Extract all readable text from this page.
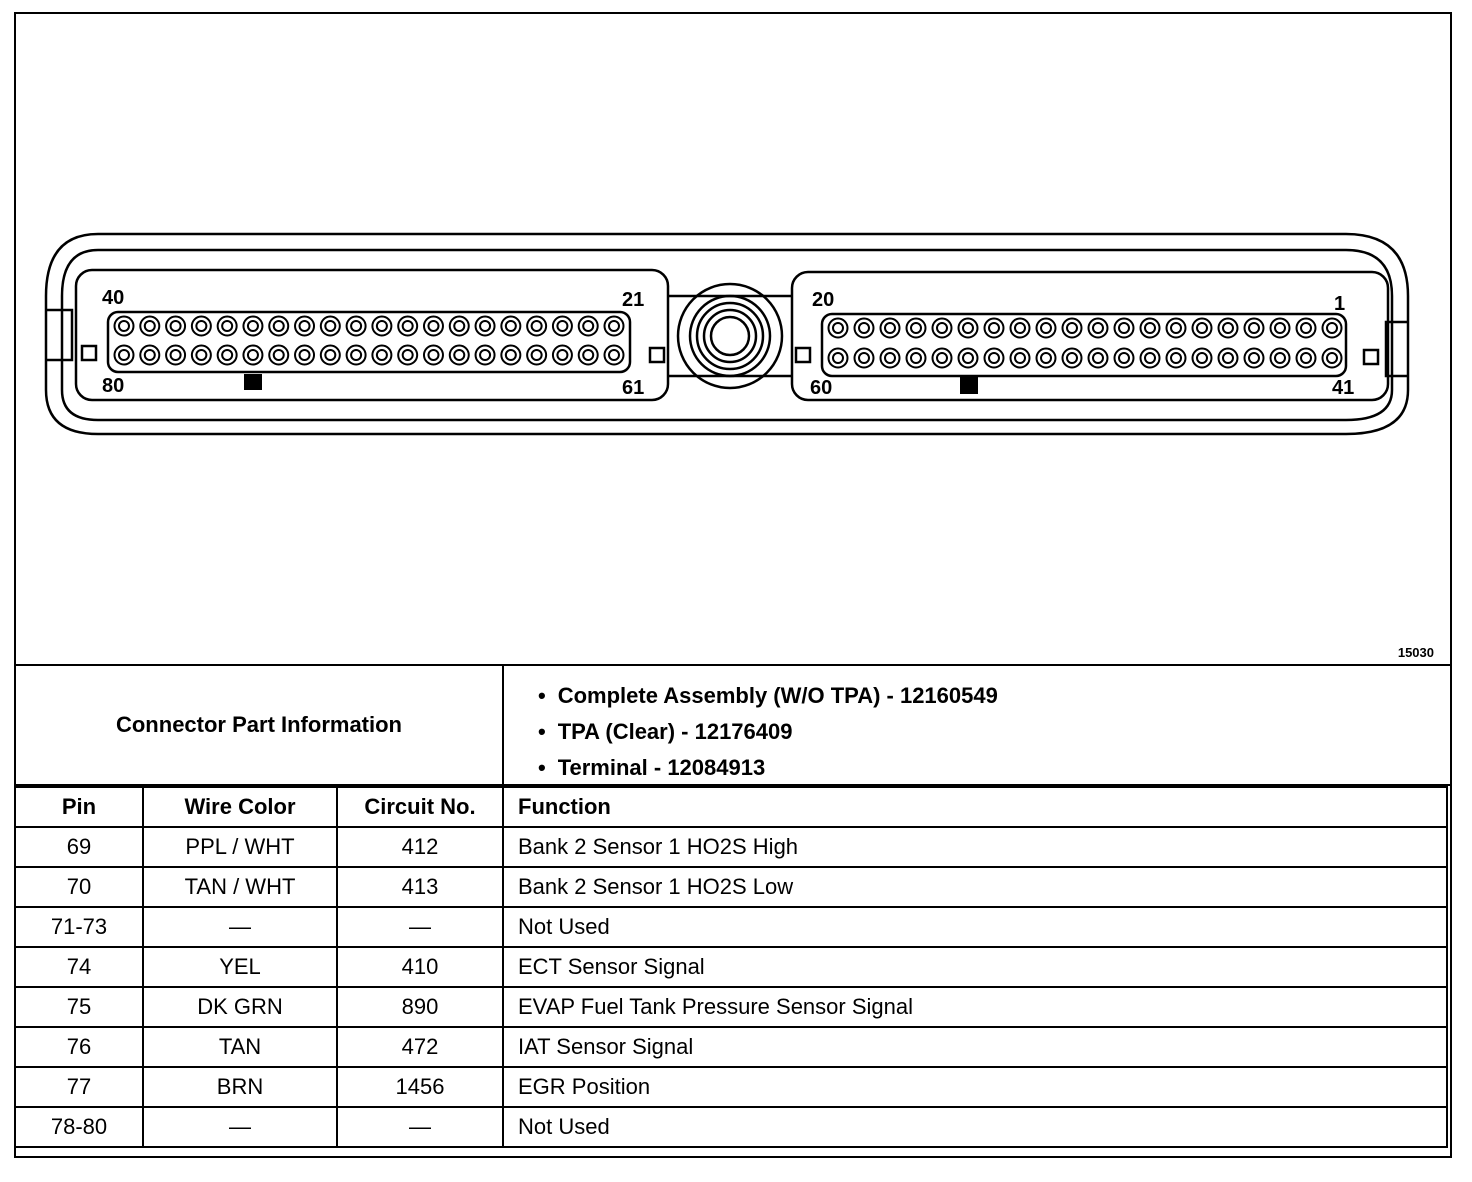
40	21
80	61
20	1
60	41
15030
Connector Part Information
• Complete Assembly (W/O TPA) - 12160549
• TPA (Clear) - 12176409
• Terminal - 12084913
Pin	Wire Color	Circuit No.	Function
69	PPL / WHT	412	Bank 2 Sensor 1 HO2S High
70	TAN / WHT	413	Bank 2 Sensor 1 HO2S Low
71-73	—	—	Not Used
74	YEL	410	ECT Sensor Signal
75	DK GRN	890	EVAP Fuel Tank Pressure Sensor Signal
76	TAN	472	IAT Sensor Signal
77	BRN	1456	EGR Position
78-80	—	—	Not Used
